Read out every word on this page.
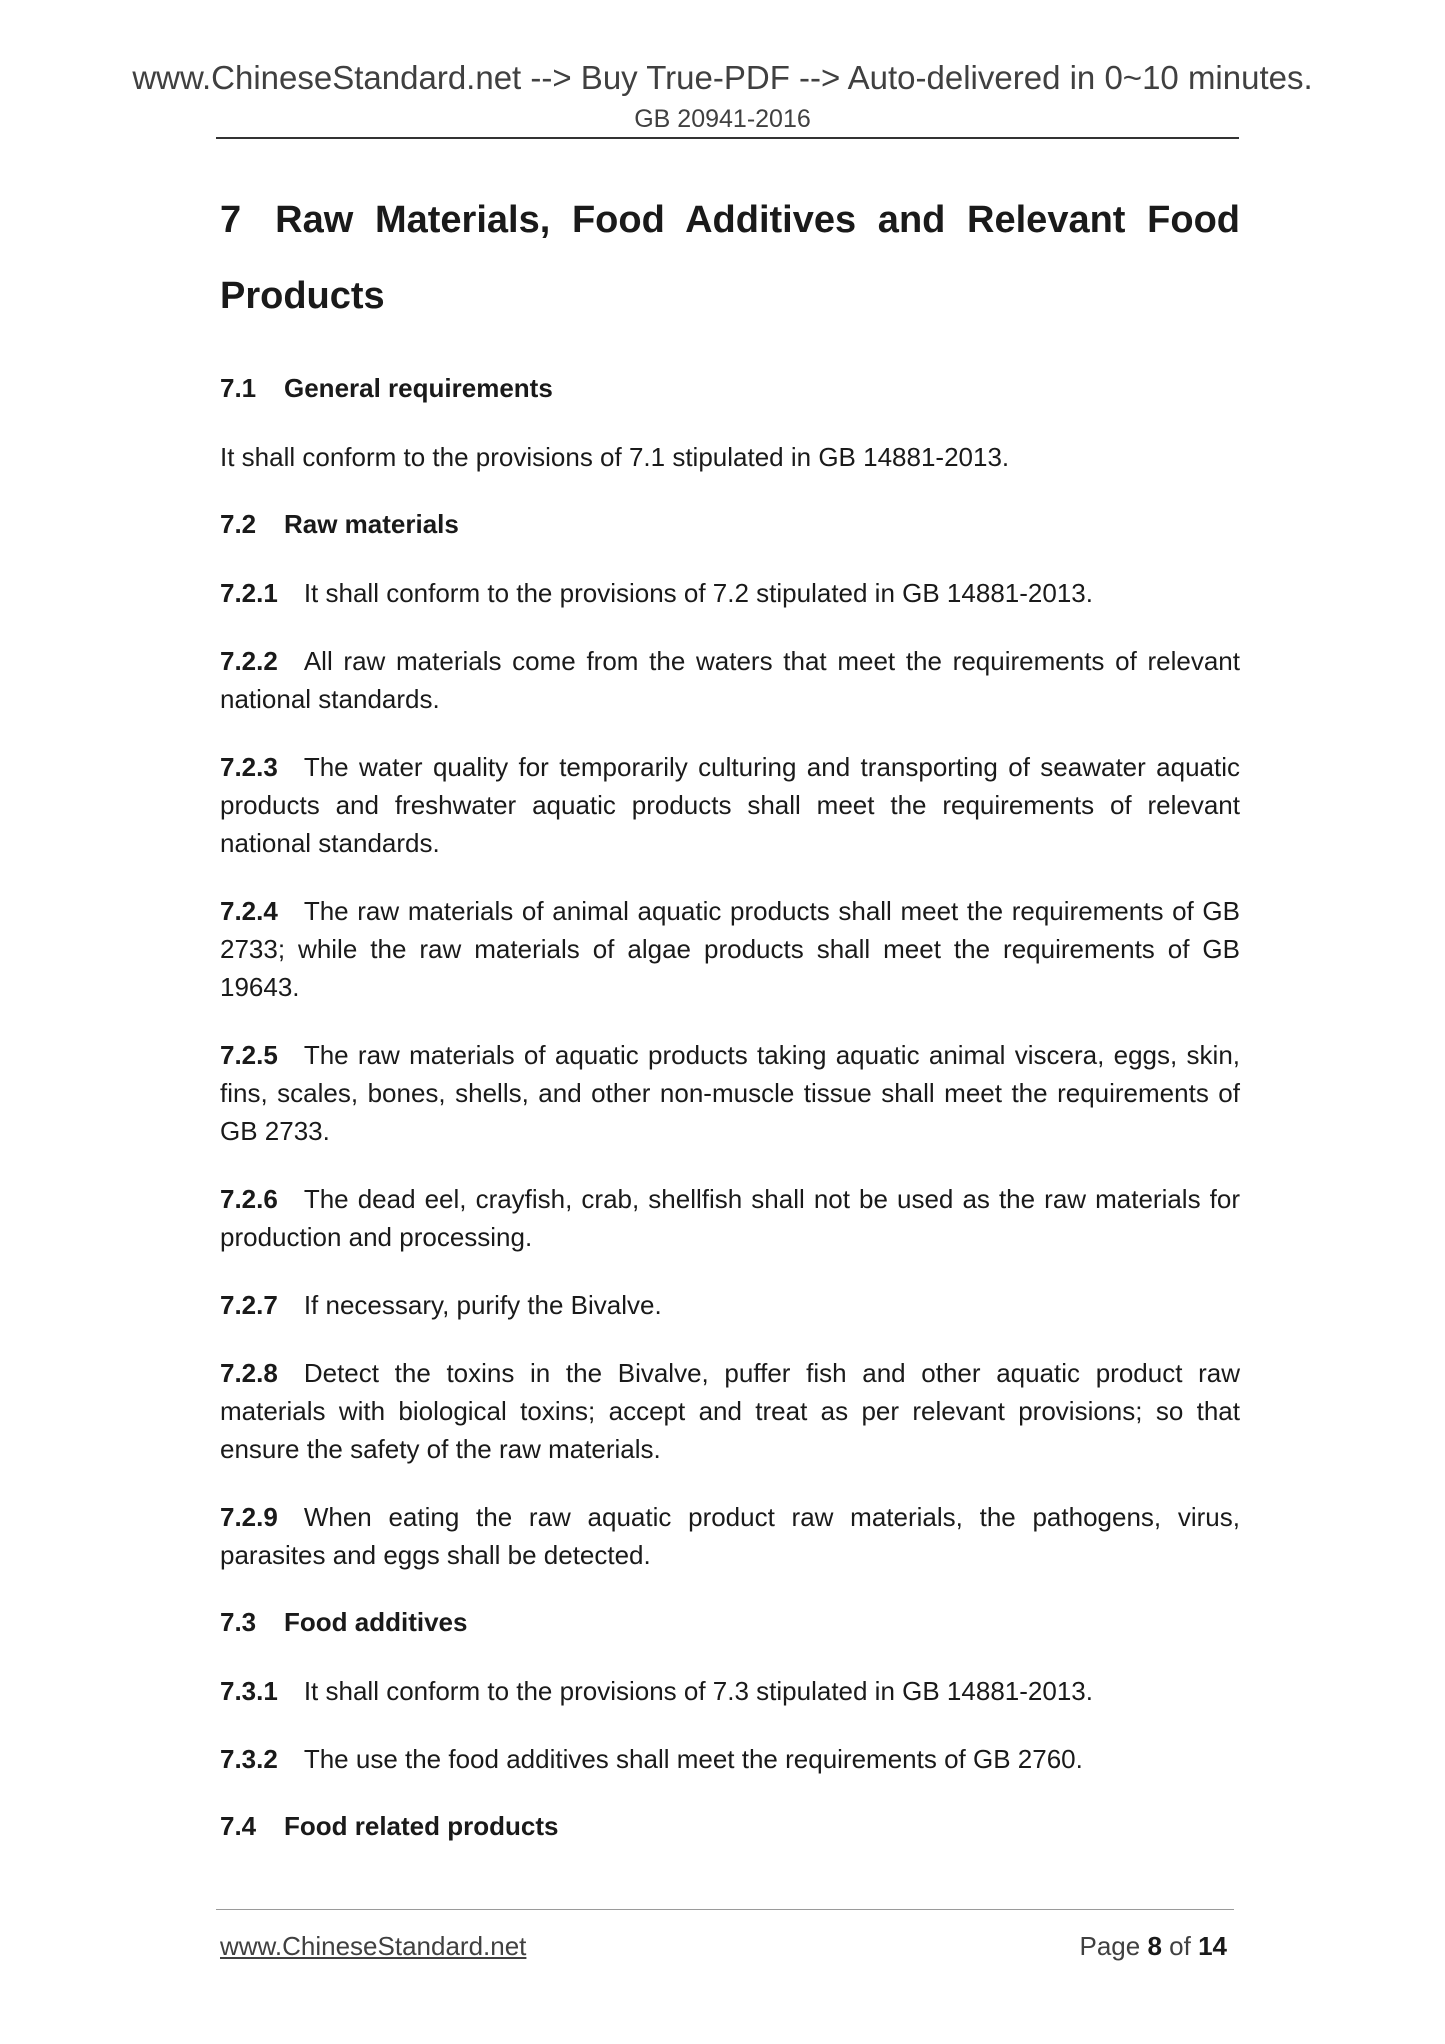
www.ChineseStandard.net --> Buy True-PDF --> Auto-delivered in 0~10 minutes.
GB 20941-2016
7 Raw Materials, Food Additives and Relevant Food Products
7.1 General requirements
It shall conform to the provisions of 7.1 stipulated in GB 14881-2013.
7.2 Raw materials
7.2.1 It shall conform to the provisions of 7.2 stipulated in GB 14881-2013.
7.2.2 All raw materials come from the waters that meet the requirements of relevant national standards.
7.2.3 The water quality for temporarily culturing and transporting of seawater aquatic products and freshwater aquatic products shall meet the requirements of relevant national standards.
7.2.4 The raw materials of animal aquatic products shall meet the requirements of GB 2733; while the raw materials of algae products shall meet the requirements of GB 19643.
7.2.5 The raw materials of aquatic products taking aquatic animal viscera, eggs, skin, fins, scales, bones, shells, and other non-muscle tissue shall meet the requirements of GB 2733.
7.2.6 The dead eel, crayfish, crab, shellfish shall not be used as the raw materials for production and processing.
7.2.7 If necessary, purify the Bivalve.
7.2.8 Detect the toxins in the Bivalve, puffer fish and other aquatic product raw materials with biological toxins; accept and treat as per relevant provisions; so that ensure the safety of the raw materials.
7.2.9 When eating the raw aquatic product raw materials, the pathogens, virus, parasites and eggs shall be detected.
7.3 Food additives
7.3.1 It shall conform to the provisions of 7.3 stipulated in GB 14881-2013.
7.3.2 The use the food additives shall meet the requirements of GB 2760.
7.4 Food related products
www.ChineseStandard.net	Page 8 of 14
